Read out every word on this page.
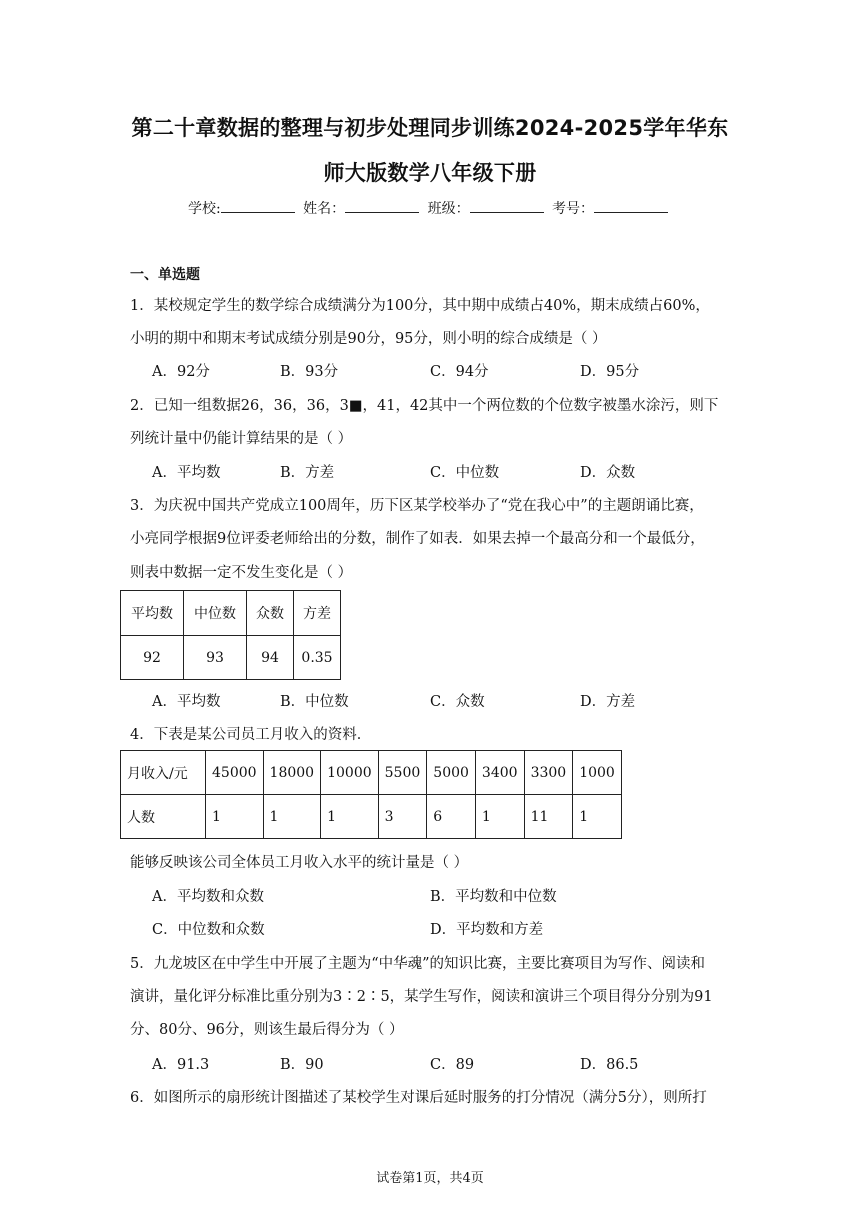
第二十章数据的整理与初步处理同步训练2024-2025学年华东
师大版数学八年级下册
学校:	姓名：	班级：	考号：
一、单选题
1．某校规定学生的数学综合成绩满分为100分，其中期中成绩占40%，期末成绩占60%，
小明的期中和期末考试成绩分别是90分，95分，则小明的综合成绩是（ ）
A．92分	B．93分	C．94分	D．95分
2．已知一组数据26，36，36，3■，41，42其中一个两位数的个位数字被墨水涂污，则下
列统计量中仍能计算结果的是（ ）
A．平均数	B．方差	C．中位数	D．众数
3．为庆祝中国共产党成立100周年，历下区某学校举办了“党在我心中”的主题朗诵比赛，
小亮同学根据9位评委老师给出的分数，制作了如表．如果去掉一个最高分和一个最低分，
则表中数据一定不发生变化是（ ）
平均数	中位数	众数	方差
92	93	94	0.35
A．平均数	B．中位数	C．众数	D．方差
4．下表是某公司员工月收入的资料．
月收入/元	45000	18000	10000	5500	5000	3400	3300	1000
人数	1	1	1	3	6	1	11	1
能够反映该公司全体员工月收入水平的统计量是（ ）
A．平均数和众数	B．平均数和中位数
C．中位数和众数	D．平均数和方差
5．九龙坡区在中学生中开展了主题为“中华魂”的知识比赛，主要比赛项目为写作、阅读和
演讲，量化评分标准比重分别为3∶2∶5，某学生写作，阅读和演讲三个项目得分分别为91
分、80分、96分，则该生最后得分为（ ）
A．91.3	B．90	C．89	D．86.5
6．如图所示的扇形统计图描述了某校学生对课后延时服务的打分情况（满分5分），则所打
试卷第1页，共4页
